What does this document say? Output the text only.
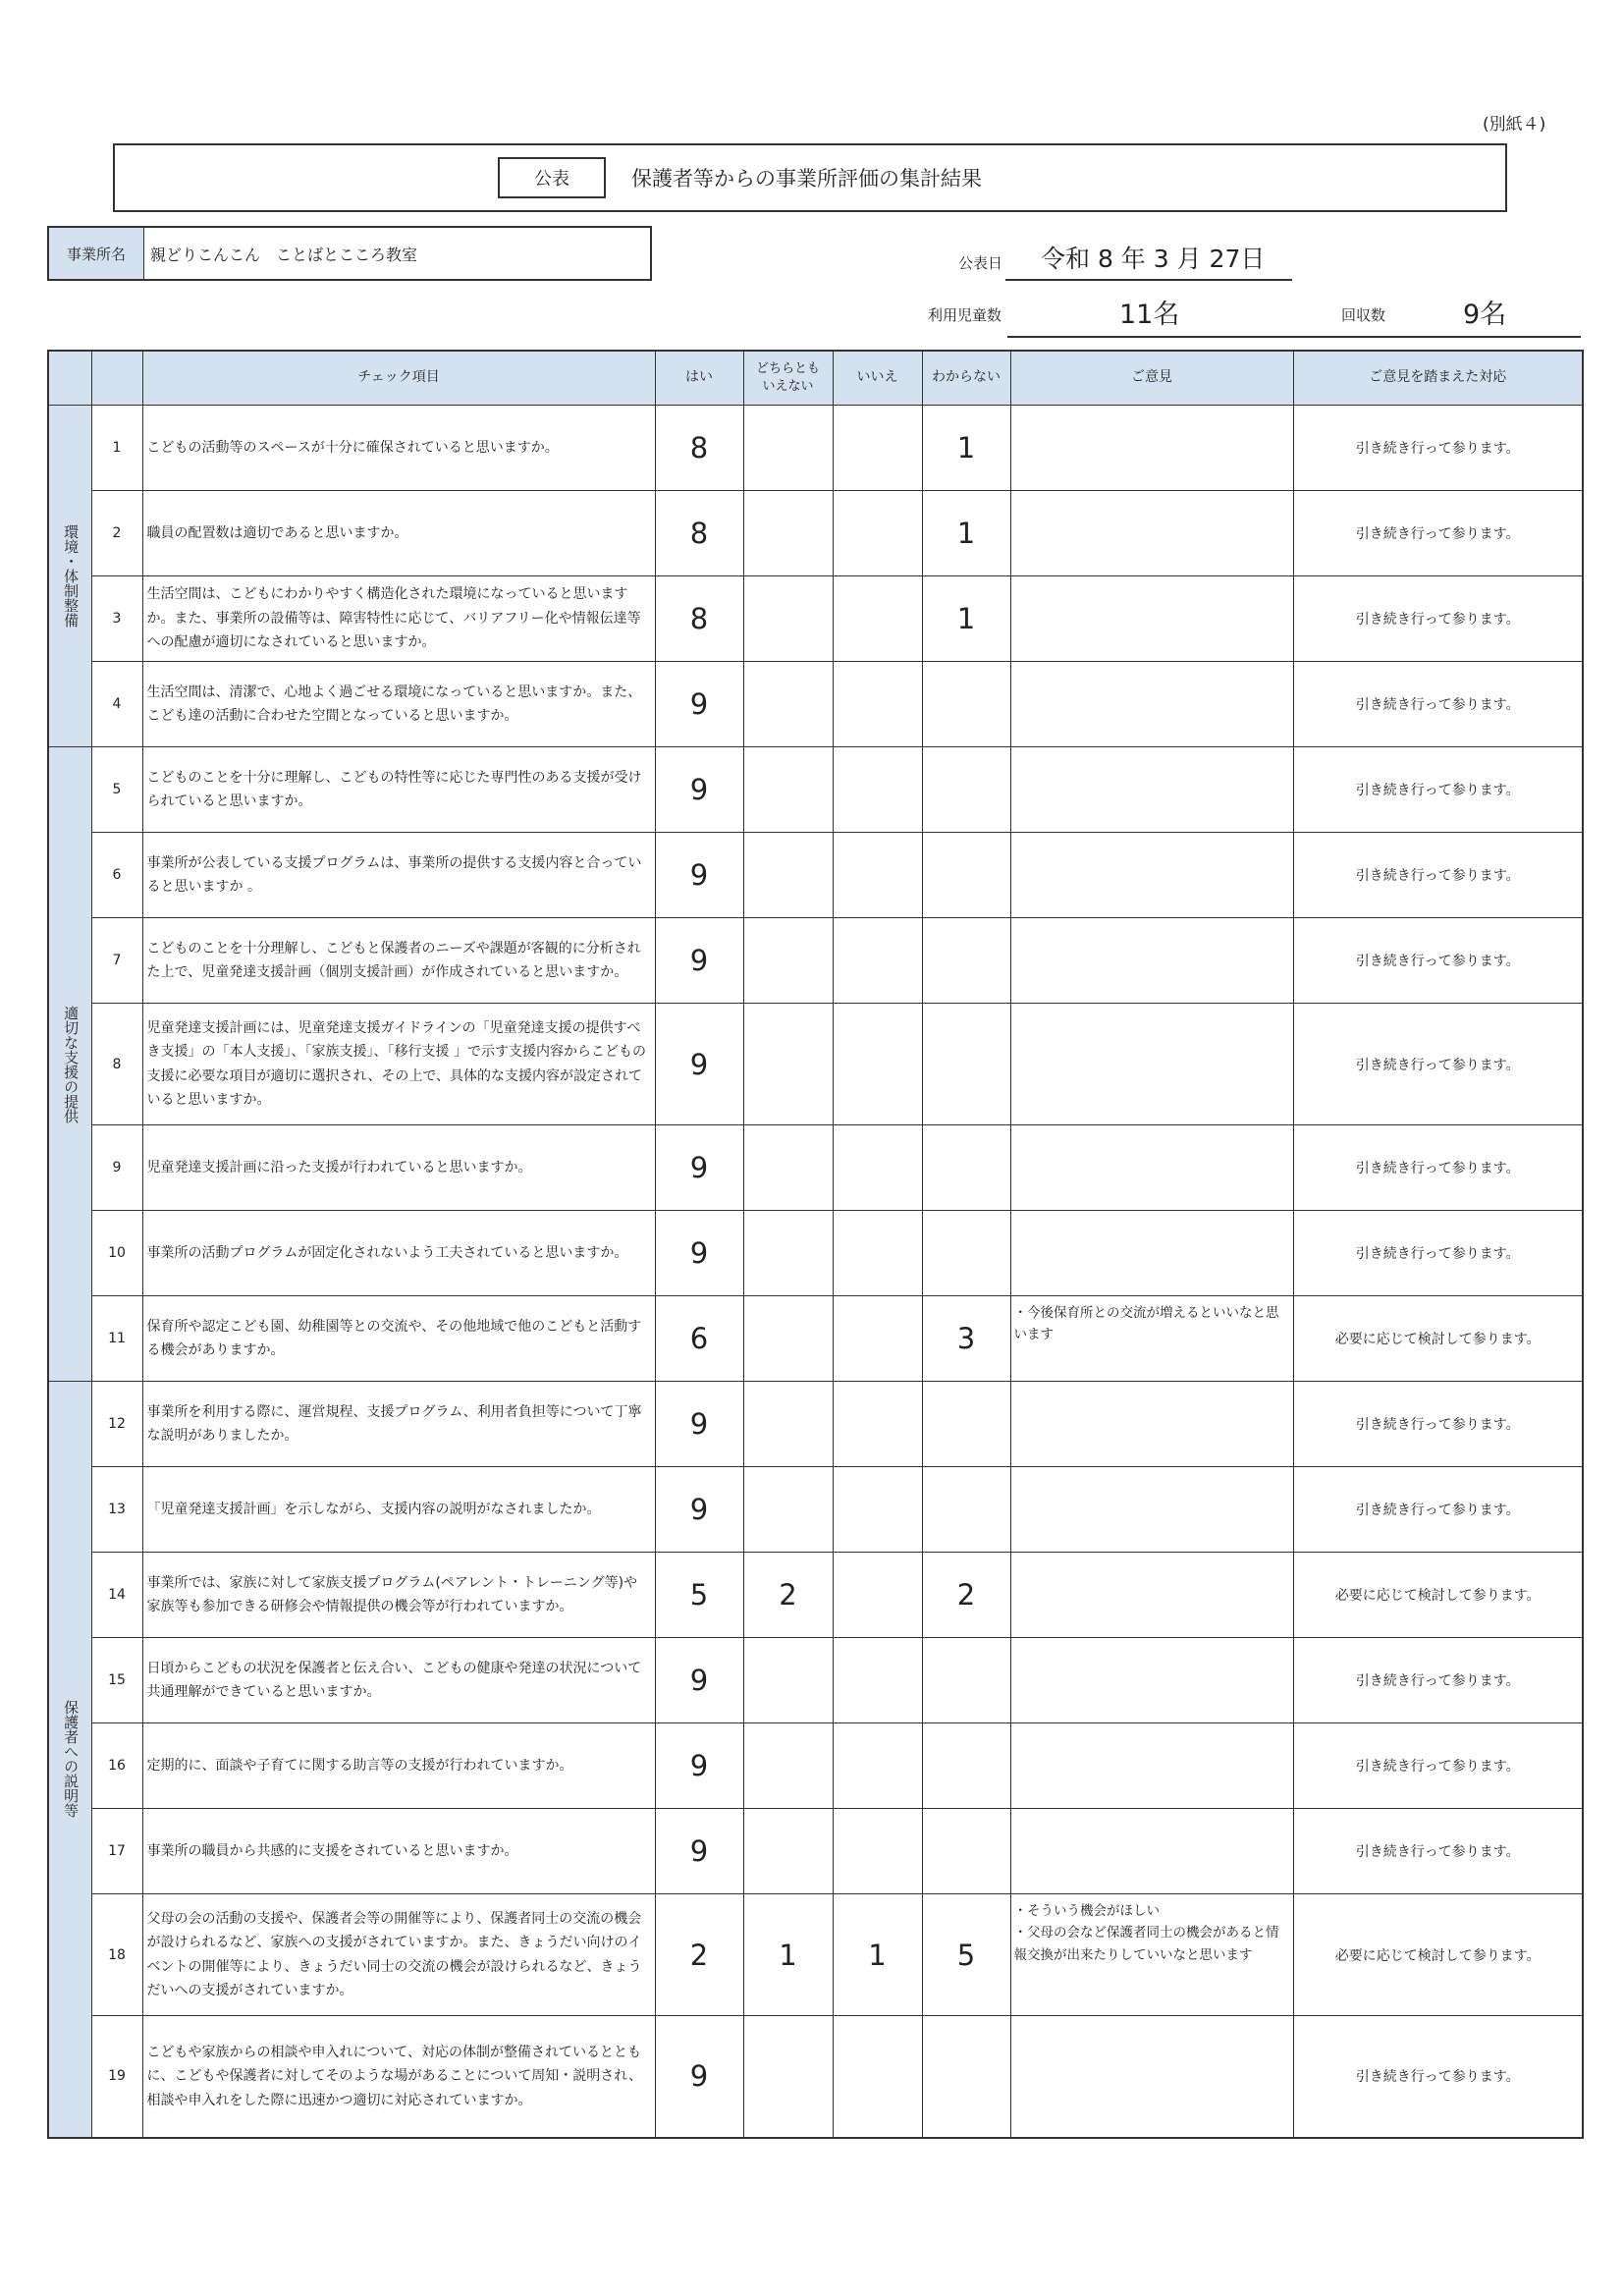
(別紙４)
公表	保護者等からの事業所評価の集計結果
事業所名	親どりこんこん　ことばとこころ教室	公表日	令和 8 年 3 月 27日
利用児童数	11名	回収数	9名
		チェック項目	はい	どちらとも
いえない	いいえ	わからない	ご意見	ご意見を踏まえた対応
環境・体制整備	1	こどもの活動等のスペースが十分に確保されていると思いますか。	8			1		引き続き行って参ります。
	2	職員の配置数は適切であると思いますか。	8			1		引き続き行って参ります。
	3	生活空間は、こどもにわかりやすく構造化された環境になっていると思いますか。また、事業所の設備等は、障害特性に応じて、バリアフリー化や情報伝達等への配慮が適切になされていると思いますか。	8			1		引き続き行って参ります。
	4	生活空間は、清潔で、心地よく過ごせる環境になっていると思いますか。また、こども達の活動に合わせた空間となっていると思いますか。	9					引き続き行って参ります。
適切な支援の提供	5	こどものことを十分に理解し、こどもの特性等に応じた専門性のある支援が受けられていると思いますか。	9					引き続き行って参ります。
	6	事業所が公表している支援プログラムは、事業所の提供する支援内容と合っていると思いますか 。	9					引き続き行って参ります。
	7	こどものことを十分理解し、こどもと保護者のニーズや課題が客観的に分析された上で、児童発達支援計画（個別支援計画）が作成されていると思いますか。	9					引き続き行って参ります。
	8	児童発達支援計画には、児童発達支援ガイドラインの「児童発達支援の提供すべき支援」の「本人支援」、「家族支援」、「移行支援 」で示す支援内容からこどもの支援に必要な項目が適切に選択され、その上で、具体的な支援内容が設定されていると思いますか。	9					引き続き行って参ります。
	9	児童発達支援計画に沿った支援が行われていると思いますか。	9					引き続き行って参ります。
	10	事業所の活動プログラムが固定化されないよう工夫されていると思いますか。	9					引き続き行って参ります。
	11	保育所や認定こども園、幼稚園等との交流や、その他地域で他のこどもと活動する機会がありますか。	6			3	・今後保育所との交流が増えるといいなと思います	必要に応じて検討して参ります。
保護者への説明等	12	事業所を利用する際に、運営規程、支援プログラム、利用者負担等について丁寧な説明がありましたか。	9					引き続き行って参ります。
	13	「児童発達支援計画」を示しながら、支援内容の説明がなされましたか。	9					引き続き行って参ります。
	14	事業所では、家族に対して家族支援プログラム(ペアレント・トレーニング等)や家族等も参加できる研修会や情報提供の機会等が行われていますか。	5	2		2		必要に応じて検討して参ります。
	15	日頃からこどもの状況を保護者と伝え合い、こどもの健康や発達の状況について共通理解ができていると思いますか。	9					引き続き行って参ります。
	16	定期的に、面談や子育てに関する助言等の支援が行われていますか。	9					引き続き行って参ります。
	17	事業所の職員から共感的に支援をされていると思いますか。	9					引き続き行って参ります。
	18	父母の会の活動の支援や、保護者会等の開催等により、保護者同士の交流の機会が設けられるなど、家族への支援がされていますか。また、きょうだい向けのイベントの開催等により、きょうだい同士の交流の機会が設けられるなど、きょうだいへの支援がされていますか。	2	1	1	5	・そういう機会がほしい
・父母の会など保護者同士の機会があると情報交換が出来たりしていいなと思います	必要に応じて検討して参ります。
	19	こどもや家族からの相談や申入れについて、対応の体制が整備されているとともに、こどもや保護者に対してそのような場があることについて周知・説明され、相談や申入れをした際に迅速かつ適切に対応されていますか。	9					引き続き行って参ります。
